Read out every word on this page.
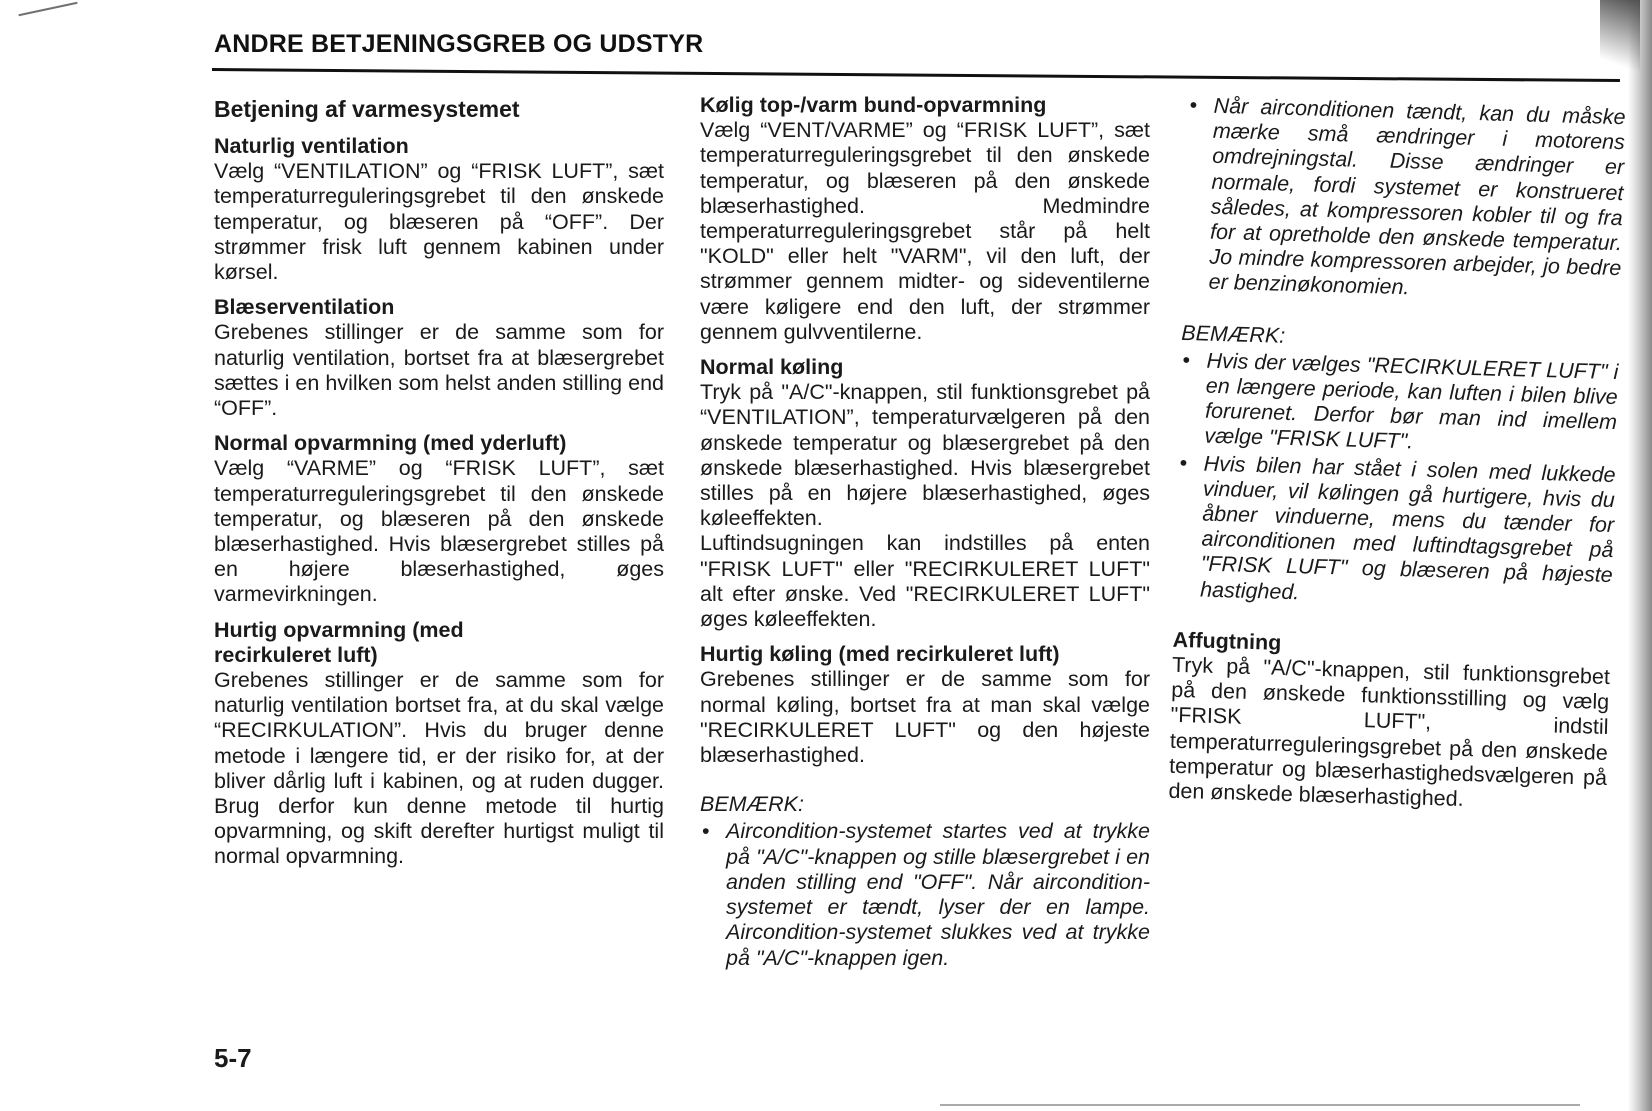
ANDRE BETJENINGSGREB OG UDSTYR
Betjening af varmesystemet

Naturlig ventilation

Vælg “VENTILATION” og “FRISK LUFT”, sæt temperaturreguleringsgrebet til den ønskede temperatur, og blæseren på “OFF”. Der strømmer frisk luft gennem kabinen under kørsel.

Blæserventilation

Grebenes stillinger er de samme som for naturlig ventilation, bortset fra at blæsergrebet sættes i en hvilken som helst anden stilling end “OFF”.

Normal opvarmning (med yderluft)

Vælg “VARME” og “FRISK LUFT”, sæt temperaturreguleringsgrebet til den ønskede temperatur, og blæseren på den ønskede blæserhastighed. Hvis blæsergrebet stilles på en højere blæserhastighed, øges varmevirkningen.

Hurtig opvarmning (med recirkuleret luft)

Grebenes stillinger er de samme som for naturlig ventilation bortset fra, at du skal vælge “RECIRKULATION”. Hvis du bruger denne metode i længere tid, er der risiko for, at der bliver dårlig luft i kabinen, og at ruden dugger. Brug derfor kun denne metode til hurtig opvarmning, og skift derefter hurtigst muligt til normal opvarmning.

Kølig top-/varm bund-opvarmning

Vælg “VENT/VARME” og “FRISK LUFT”, sæt temperaturreguleringsgrebet til den ønskede temperatur, og blæseren på den ønskede blæserhastighed. Medmindre temperaturreguleringsgrebet står på helt "KOLD" eller helt "VARM", vil den luft, der strømmer gennem midter- og sideventilerne være køligere end den luft, der strømmer gennem gulvventilerne.

Normal køling

Tryk på "A/C"-knappen, stil funktionsgrebet på “VENTILATION”, temperaturvælgeren på den ønskede temperatur og blæsergrebet på den ønskede blæserhastighed. Hvis blæsergrebet stilles på en højere blæserhastighed, øges køleeffekten.

Luftindsugningen kan indstilles på enten "FRISK LUFT" eller "RECIRKULERET LUFT" alt efter ønske. Ved "RECIRKULERET LUFT" øges køleeffekten.

Hurtig køling (med recirkuleret luft)

Grebenes stillinger er de samme som for normal køling, bortset fra at man skal vælge "RECIRKULERET LUFT" og den højeste blæserhastighed.

BEMÆRK:

• Aircondition-systemet startes ved at trykke på "A/C"-knappen og stille blæsergrebet i en anden stilling end "OFF". Når aircondition-systemet er tændt, lyser der en lampe. Aircondition-systemet slukkes ved at trykke på "A/C"-knappen igen.
• Når airconditionen tændt, kan du måske mærke små ændringer i motorens omdrejningstal. Disse ændringer er normale, fordi systemet er konstrueret således, at kompressoren kobler til og fra for at opretholde den ønskede temperatur. Jo mindre kompressoren arbejder, jo bedre er benzinøkonomien.

BEMÆRK:

• Hvis der vælges "RECIRKULERET LUFT" i en længere periode, kan luften i bilen blive forurenet. Derfor bør man ind imellem vælge "FRISK LUFT".
• Hvis bilen har stået i solen med lukkede vinduer, vil kølingen gå hurtigere, hvis du åbner vinduerne, mens du tænder for airconditionen med luftindtagsgrebet på "FRISK LUFT" og blæseren på højeste hastighed.

Affugtning

Tryk på "A/C"-knappen, stil funktionsgrebet på den ønskede funktionsstilling og vælg "FRISK LUFT", indstil temperaturreguleringsgrebet på den ønskede temperatur og blæserhastighedsvælgeren på den ønskede blæserhastighed.

5-7
